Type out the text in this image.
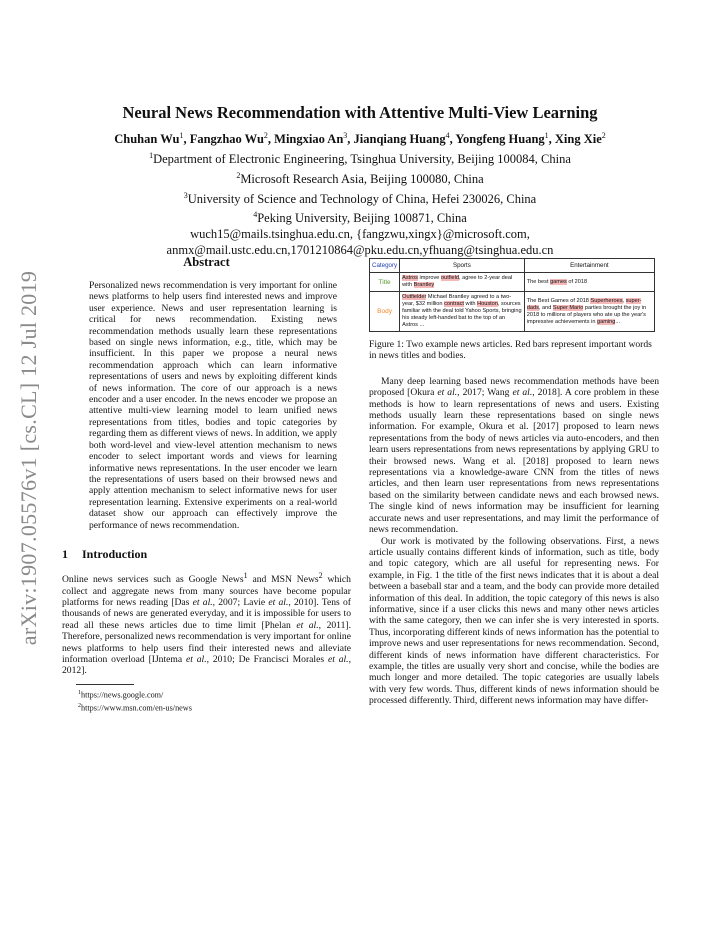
arXiv:1907.05576v1 [cs.CL] 12 Jul 2019
Neural News Recommendation with Attentive Multi-View Learning
Chuhan Wu$^1$, Fangzhao Wu$^2$, Mingxiao An$^3$, Jianqiang Huang$^4$, Yongfeng Huang$^1$, Xing Xie$^2$
$^1$Department of Electronic Engineering, Tsinghua University, Beijing 100084, China
$^2$Microsoft Research Asia, Beijing 100080, China
$^3$University of Science and Technology of China, Hefei 230026, China
$^4$Peking University, Beijing 100871, China
wuch15@mails.tsinghua.edu.cn, {fangzwu,xingx}@microsoft.com,
anmx@mail.ustc.edu.cn,1701210864@pku.edu.cn,yfhuang@tsinghua.edu.cn
Abstract
Personalized news recommendation is very important for online news platforms to help users find interested news and improve user experience. News and user representation learning is critical for news recommendation. Existing news recommendation methods usually learn these representations based on single news information, e.g., title, which may be insufficient. In this paper we propose a neural news recommendation approach which can learn informative representations of users and news by exploiting different kinds of news information. The core of our approach is a news encoder and a user encoder. In the news encoder we propose an attentive multi-view learning model to learn unified news representations from titles, bodies and topic categories by regarding them as different views of news. In addition, we apply both word-level and view-level attention mechanism to news encoder to select important words and views for learning informative news representations. In the user encoder we learn the representations of users based on their browsed news and apply attention mechanism to select informative news for user representation learning. Extensive experiments on a real-world dataset show our approach can effectively improve the performance of news recommendation.
1 Introduction
Online news services such as Google News$^1$ and MSN News$^2$ which collect and aggregate news from many sources have become popular platforms for news reading [Das et al., 2007; Lavie et al., 2010]. Tens of thousands of news are generated everyday, and it is impossible for users to read all these news articles due to time limit [Phelan et al., 2011]. Therefore, personalized news recommendation is very important for online news platforms to help users find their interested news and alleviate information overload [IJntema et al., 2010; De Francisci Morales et al., 2012].
$^1$https://news.google.com/
$^2$https://www.msn.com/en-us/news
Category	Sports	Entertainment
Title	Astros improve outfield, agree to 2-year deal with Brantley	The best games of 2018
Body	Outfielder Michael Brantley agreed to a two-year, $32 million contract with Houston, sources familiar with the deal told Yahoo Sports, bringing his steady left-handed bat to the top of an Astros ...	The Best Games of 2018 Superheroes, super-dads, and Super Mario parties brought the joy in 2018 to millions of players who ate up the year's impressive achievements in gaming...
Figure 1: Two example news articles. Red bars represent important words in news titles and bodies.

Many deep learning based news recommendation methods have been proposed [Okura et al., 2017; Wang et al., 2018]. A core problem in these methods is how to learn representations of news and users. Existing methods usually learn these representations based on single news information. For example, Okura et al. [2017] proposed to learn news representations from the body of news articles via auto-encoders, and then learn users representations from news representations by applying GRU to their browsed news. Wang et al. [2018] proposed to learn news representations via a knowledge-aware CNN from the titles of news articles, and then learn user representations from news representations based on the similarity between candidate news and each browsed news. The single kind of news information may be insufficient for learning accurate news and user representations, and may limit the performance of news recommendation.

Our work is motivated by the following observations. First, a news article usually contains different kinds of information, such as title, body and topic category, which are all useful for representing news. For example, in Fig. 1 the title of the first news indicates that it is about a deal between a baseball star and a team, and the body can provide more detailed information of this deal. In addition, the topic category of this news is also informative, since if a user clicks this news and many other news articles with the same category, then we can infer she is very interested in sports. Thus, incorporating different kinds of news information has the potential to improve news and user representations for news recommendation. Second, different kinds of news information have different characteristics. For example, the titles are usually very short and concise, while the bodies are much longer and more detailed. The topic categories are usually labels with very few words. Thus, different kinds of news information should be processed differently. Third, different news information may have differ-
